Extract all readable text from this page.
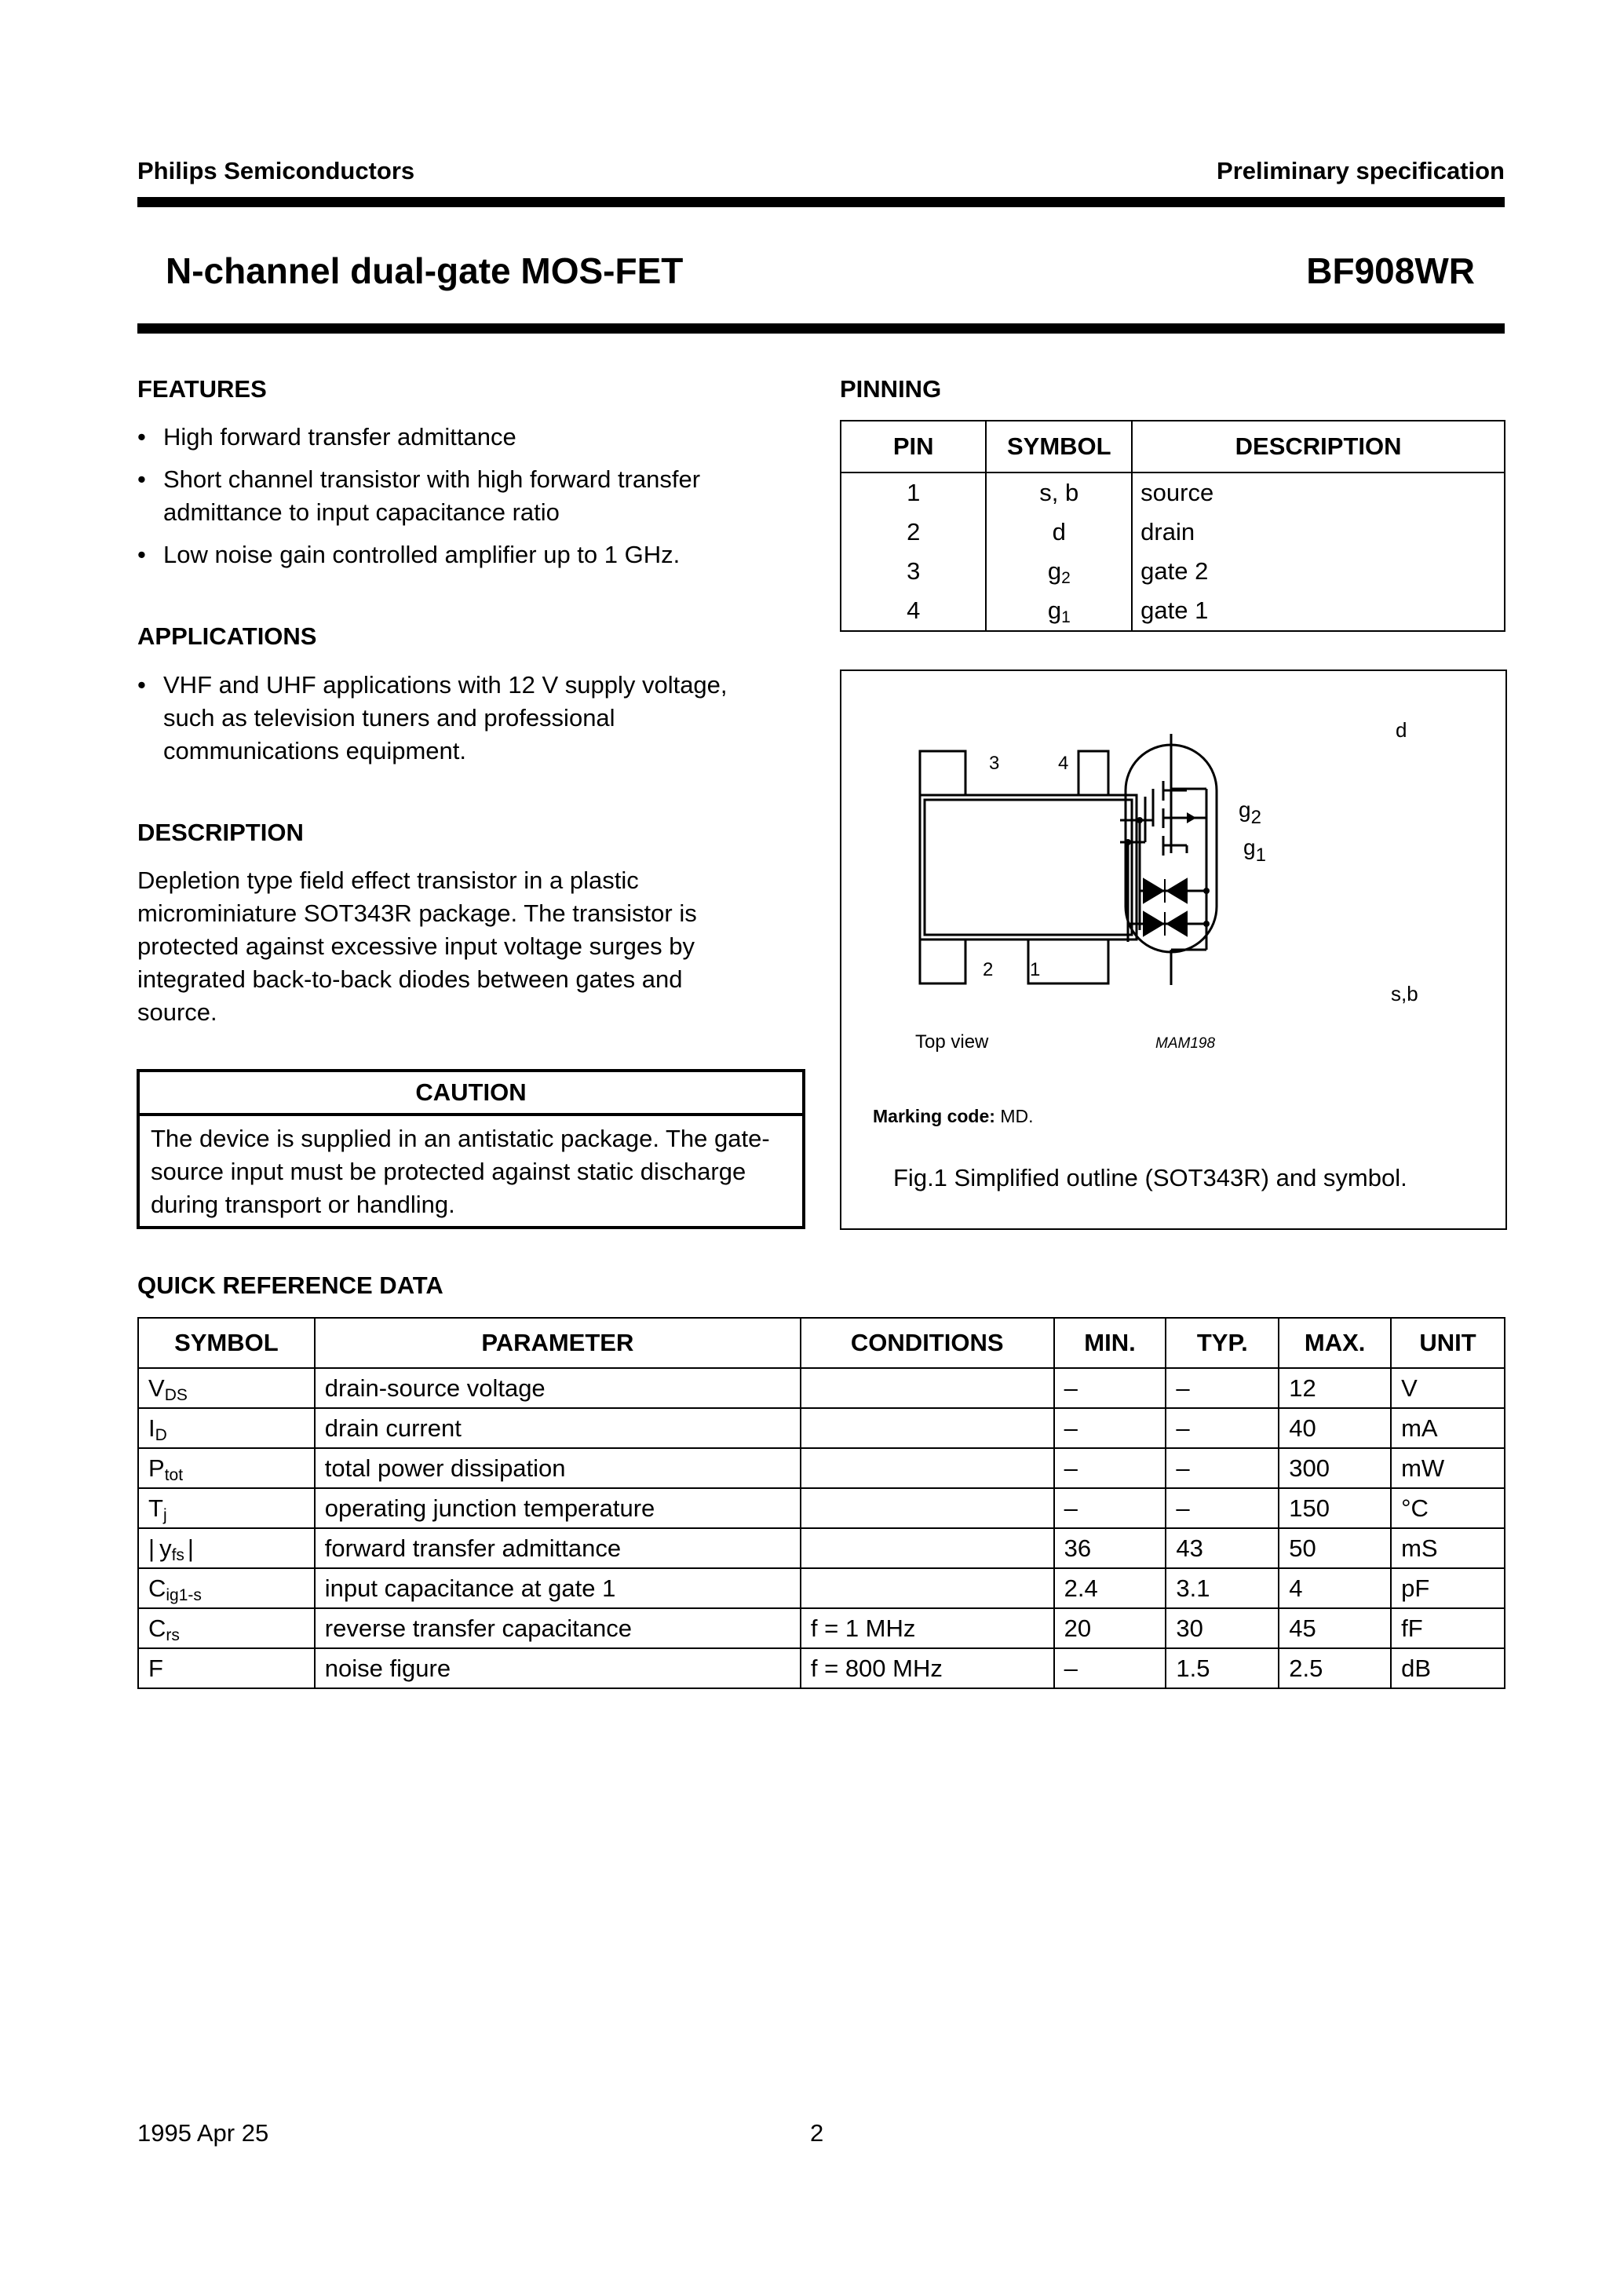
Philips Semiconductors	Preliminary specification
N-channel dual-gate MOS-FET	BF908WR
FEATURES
• High forward transfer admittance
• Short channel transistor with high forward transfer admittance to input capacitance ratio
• Low noise gain controlled amplifier up to 1 GHz.
APPLICATIONS
• VHF and UHF applications with 12 V supply voltage, such as television tuners and professional communications equipment.
DESCRIPTION
Depletion type field effect transistor in a plastic microminiature SOT343R package. The transistor is protected against excessive input voltage surges by integrated back-to-back diodes between gates and source.
CAUTION
The device is supplied in an antistatic package. The gate-source input must be protected against static discharge during transport or handling.
PINNING
PIN	SYMBOL	DESCRIPTION
1	s, b	source
2	d	drain
3	$g_2$	gate 2
4	$g_1$	gate 1
3	4
2 1
Top view	MAM198
d
g2
g1
s,b
Marking code: MD.
Fig.1 Simplified outline (SOT343R) and symbol.
QUICK REFERENCE DATA
SYMBOL	PARAMETER	CONDITIONS	MIN.	TYP.	MAX.	UNIT
$V_{DS}$	drain-source voltage		–	–	12	V
$I_D$	drain current		–	–	40	mA
$P_{tot}$	total power dissipation		–	–	300	mW
$T_j$	operating junction temperature		–	–	150	°C
| $y_{fs}$ |	forward transfer admittance		36	43	50	mS
$C_{ig1-s}$	input capacitance at gate 1		2.4	3.1	4	pF
$C_{rs}$	reverse transfer capacitance	f = 1 MHz	20	30	45	fF
F	noise figure	f = 800 MHz	–	1.5	2.5	dB
1995 Apr 25	2
